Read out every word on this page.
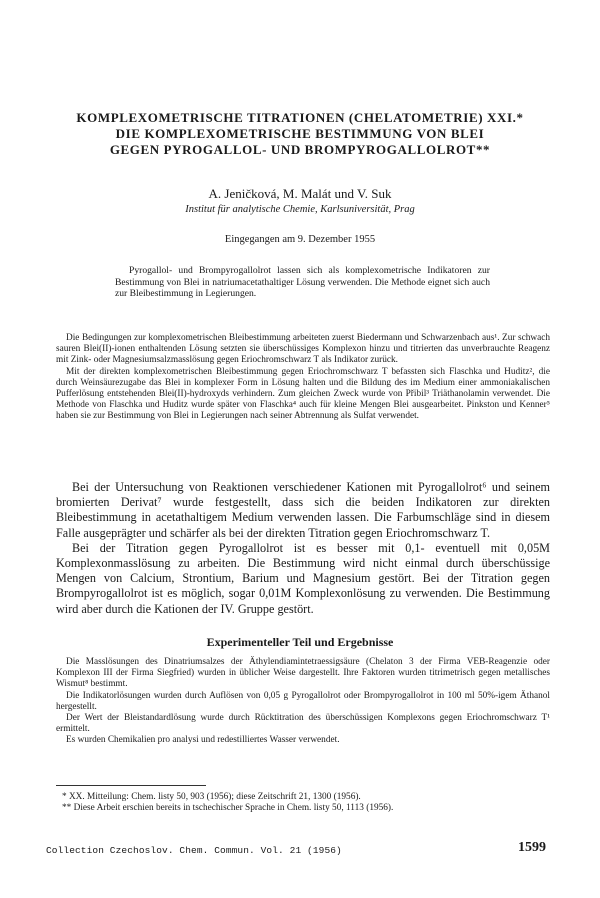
KOMPLEXOMETRISCHE TITRATIONEN (CHELATOMETRIE) XXI.*
DIE KOMPLEXOMETRISCHE BESTIMMUNG VON BLEI
GEGEN PYROGALLOL- UND BROMPYROGALLOLROT**
A. Jeničková, M. Malát und V. Suk
Institut für analytische Chemie, Karlsuniversität, Prag
Eingegangen am 9. Dezember 1955

Pyrogallol- und Brompyrogallolrot lassen sich als komplexometrische Indikatoren zur Bestimmung von Blei in natriumacetathaltiger Lösung verwenden. Die Methode eignet sich auch zur Bleibestimmung in Legierungen.

Die Bedingungen zur komplexometrischen Bleibestimmung arbeiteten zuerst Biedermann und Schwarzenbach aus¹. Zur schwach sauren Blei(II)-ionen enthaltenden Lösung setzten sie überschüssiges Komplexon hinzu und titrierten das unverbrauchte Reagenz mit Zink- oder Magnesiumsalzmasslösung gegen Eriochromschwarz T als Indikator zurück.

Mit der direkten komplexometrischen Bleibestimmung gegen Eriochromschwarz T befassten sich Flaschka und Huditz², die durch Weinsäurezugabe das Blei in komplexer Form in Lösung halten und die Bildung des im Medium einer ammoniakalischen Pufferlösung entstehenden Blei(II)-hydroxyds verhindern. Zum gleichen Zweck wurde von Přibil³ Triäthanolamin verwendet. Die Methode von Flaschka und Huditz wurde später von Flaschka⁴ auch für kleine Mengen Blei ausgearbeitet. Pinkston und Kenner⁵ haben sie zur Bestimmung von Blei in Legierungen nach seiner Abtrennung als Sulfat verwendet.

Bei der Untersuchung von Reaktionen verschiedener Kationen mit Pyrogallolrot⁶ und seinem bromierten Derivat⁷ wurde festgestellt, dass sich die beiden Indikatoren zur direkten Bleibestimmung in acetathaltigem Medium verwenden lassen. Die Farbumschläge sind in diesem Falle ausgeprägter und schärfer als bei der direkten Titration gegen Eriochromschwarz T.

Bei der Titration gegen Pyrogallolrot ist es besser mit 0,1- eventuell mit 0,05M Komplexonmasslösung zu arbeiten. Die Bestimmung wird nicht einmal durch überschüssige Mengen von Calcium, Strontium, Barium und Magnesium gestört. Bei der Titration gegen Brompyrogallolrot ist es möglich, sogar 0,01M Komplexonlösung zu verwenden. Die Bestimmung wird aber durch die Kationen der IV. Gruppe gestört.

Experimenteller Teil und Ergebnisse

Die Masslösungen des Dinatriumsalzes der Äthylendiamintetraessigsäure (Chelaton 3 der Firma VEB-Reagenzie oder Komplexon III der Firma Siegfried) wurden in üblicher Weise dargestellt. Ihre Faktoren wurden titrimetrisch gegen metallisches Wismut⁸ bestimmt.

Die Indikatorlösungen wurden durch Auflösen von 0,05 g Pyrogallolrot oder Brompyrogallolrot in 100 ml 50%-igem Äthanol hergestellt.

Der Wert der Bleistandardlösung wurde durch Rücktitration des überschüssigen Komplexons gegen Eriochromschwarz T¹ ermittelt.

Es wurden Chemikalien pro analysi und redestilliertes Wasser verwendet.

* XX. Mitteilung: Chem. listy 50, 903 (1956); diese Zeitschrift 21, 1300 (1956).

** Diese Arbeit erschien bereits in tschechischer Sprache in Chem. listy 50, 1113 (1956).

Collection Czechoslov. Chem. Commun. Vol. 21 (1956)	1599
